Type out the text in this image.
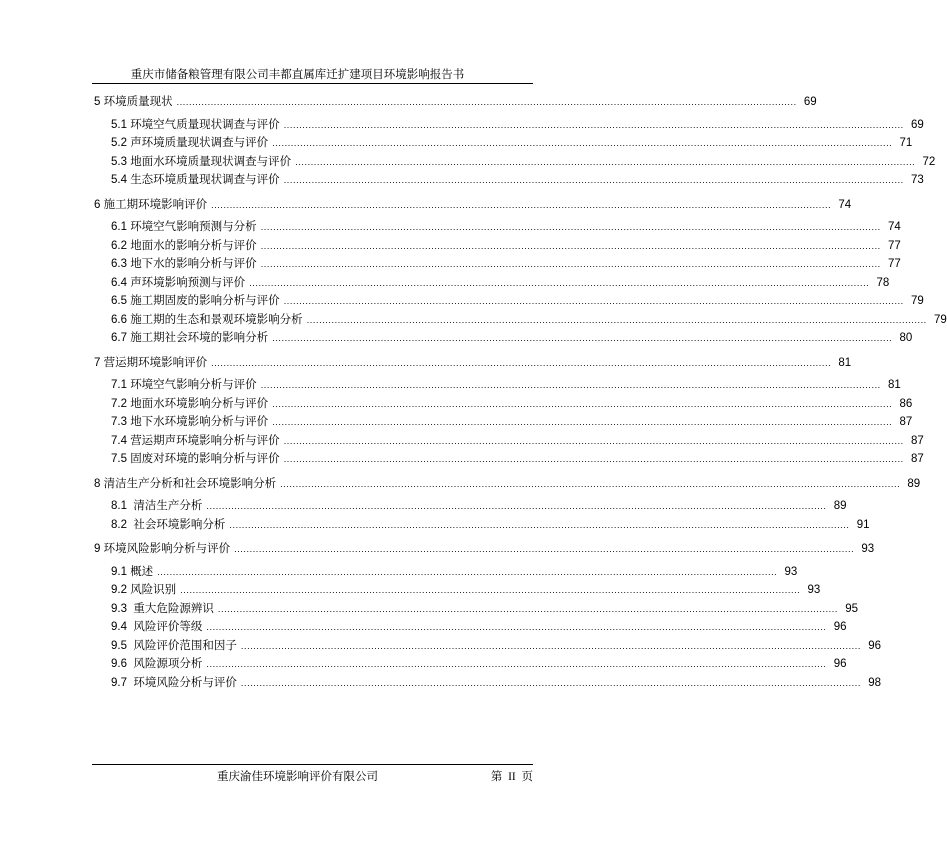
重庆市储备粮管理有限公司丰都直属库迁扩建项目环境影响报告书
5 环境质量现状 ........................................................................................................................................................................................................ 69
5.1 环境空气质量现状调查与评价 ........................................................................................................................................................................................................ 69
5.2 声环境质量现状调查与评价 ........................................................................................................................................................................................................ 71
5.3 地面水环境质量现状调查与评价 ........................................................................................................................................................................................................ 72
5.4 生态环境质量现状调查与评价 ........................................................................................................................................................................................................ 73
6 施工期环境影响评价 ........................................................................................................................................................................................................ 74
6.1 环境空气影响预测与分析 ........................................................................................................................................................................................................ 74
6.2 地面水的影响分析与评价 ........................................................................................................................................................................................................ 77
6.3 地下水的影响分析与评价 ........................................................................................................................................................................................................ 77
6.4 声环境影响预测与评价 ........................................................................................................................................................................................................ 78
6.5 施工期固废的影响分析与评价 ........................................................................................................................................................................................................ 79
6.6 施工期的生态和景观环境影响分析 ........................................................................................................................................................................................................ 79
6.7 施工期社会环境的影响分析 ........................................................................................................................................................................................................ 80
7 营运期环境影响评价 ........................................................................................................................................................................................................ 81
7.1 环境空气影响分析与评价 ........................................................................................................................................................................................................ 81
7.2 地面水环境影响分析与评价 ........................................................................................................................................................................................................ 86
7.3 地下水环境影响分析与评价 ........................................................................................................................................................................................................ 87
7.4 营运期声环境影响分析与评价 ........................................................................................................................................................................................................ 87
7.5 固废对环境的影响分析与评价 ........................................................................................................................................................................................................ 87
8 清洁生产分析和社会环境影响分析 ........................................................................................................................................................................................................ 89
8.1 清洁生产分析 ........................................................................................................................................................................................................ 89
8.2 社会环境影响分析 ........................................................................................................................................................................................................ 91
9 环境风险影响分析与评价 ........................................................................................................................................................................................................ 93
9.1 概述 ........................................................................................................................................................................................................ 93
9.2 风险识别 ........................................................................................................................................................................................................ 93
9.3 重大危险源辨识 ........................................................................................................................................................................................................ 95
9.4 风险评价等级 ........................................................................................................................................................................................................ 96
9.5 风险评价范围和因子 ........................................................................................................................................................................................................ 96
9.6 风险源项分析 ........................................................................................................................................................................................................ 96
9.7 环境风险分析与评价 ........................................................................................................................................................................................................ 98
重庆渝佳环境影响评价有限公司	第  II  页
